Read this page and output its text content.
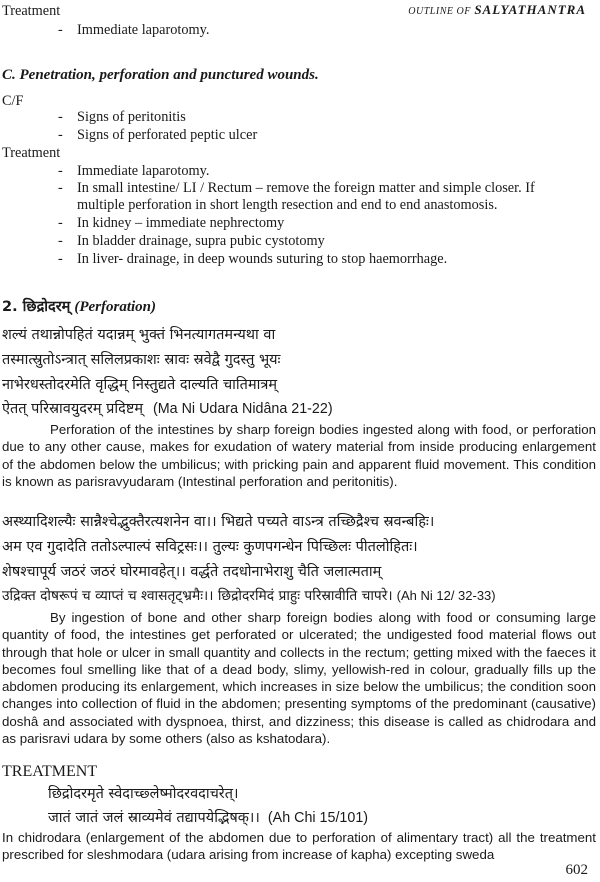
OUTLINE OF SALYATHANTRA
Treatment
- Immediate laparotomy.
C. Penetration, perforation and punctured wounds.
C/F
- Signs of peritonitis
- Signs of perforated peptic ulcer
Treatment
- Immediate laparotomy.
- In small intestine/ LI / Rectum – remove the foreign matter and simple closer. If
multiple perforation in short length resection and end to end anastomosis.
- In kidney – immediate nephrectomy
- In bladder drainage, supra pubic cystotomy
- In liver- drainage, in deep wounds suturing to stop haemorrhage.
2. छिद्रोदरम् (Perforation)
शल्यं तथान्नोपहितं यदान्नम् भुक्तं भिनत्यागतमन्यथा वा
तस्मात्स्रुतोऽन्त्रात् सलिलप्रकाशः स्रावः स्रवेद्वै गुदस्तु भूयः
नाभेरधस्तोदरमेति वृद्धिम् निस्तुद्यते दाल्यति चातिमात्रम्
ऐतत् परिस्रावयुदरम् प्रदिष्टम् (Ma Ni Udara Nidâna 21-22)
Perforation of the intestines by sharp foreign bodies ingested along with food, or perforation due to any other cause, makes for exudation of watery material from inside producing enlargement of the abdomen below the umbilicus; with pricking pain and apparent fluid movement. This condition is known as parisravyudaram (Intestinal perforation and peritonitis).
अस्थ्यादिशल्यैः सान्नैश्चेद्भुक्तैरत्यशनेन वा।। भिद्यते पच्यते वाऽन्त्र तच्छिद्रैश्च स्रवन्बहिः।
अम एव गुदादेति ततोऽल्पाल्पं सविट्रसः।। तुल्यः कुणपगन्धेन पिच्छिलः पीतलोहितः।
शेषश्चापूर्य जठरं जठरं घोरमावहेत्।। वर्द्धते तदधोनाभेराशु चैति जलात्मताम्
उद्रिक्त दोषरूपं च व्याप्तं च श्वासतृट्भ्रमैः।। छिद्रोदरमिदं प्राहुः परिस्रावीति चापरे। (Ah Ni 12/ 32-33)
By ingestion of bone and other sharp foreign bodies along with food or consuming large quantity of food, the intestines get perforated or ulcerated; the undigested food material flows out through that hole or ulcer in small quantity and collects in the rectum; getting mixed with the faeces it becomes foul smelling like that of a dead body, slimy, yellowish-red in colour, gradually fills up the abdomen producing its enlargement, which increases in size below the umbilicus; the condition soon changes into collection of fluid in the abdomen; presenting symptoms of the predominant (causative) doshâ and associated with dyspnoea, thirst, and dizziness; this disease is called as chidrodara and as parisravi udara by some others (also as kshatodara).
TREATMENT
छिद्रोदरमृते स्वेदाच्छ्लेष्मोदरवदाचरेत्।
जातं जातं जलं स्राव्यमेवं तद्यापयेद्भिषक्।। (Ah Chi 15/101)
In chidrodara (enlargement of the abdomen due to perforation of alimentary tract) all the treatment prescribed for sleshmodara (udara arising from increase of kapha) excepting sweda
602
